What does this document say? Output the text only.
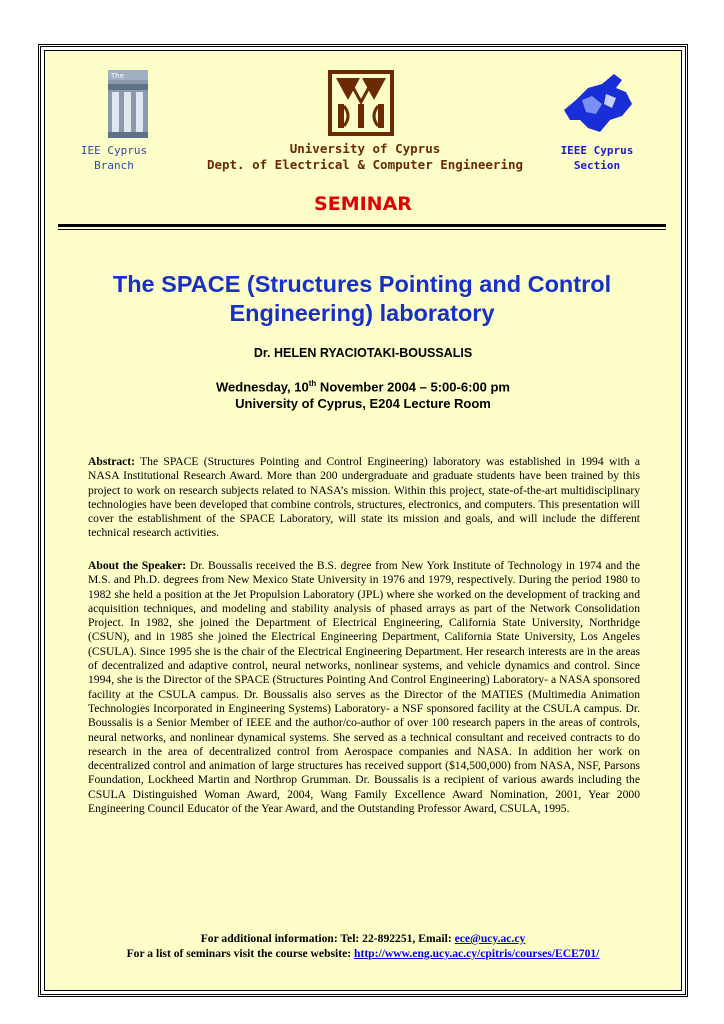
The
IEE Cyprus
Branch
University of Cyprus
Dept. of Electrical & Computer Engineering
IEEE Cyprus
Section
SEMINAR
The SPACE (Structures Pointing and Control Engineering) laboratory
Dr. HELEN RYACIOTAKI-BOUSSALIS
Wednesday, 10th November 2004 – 5:00-6:00 pm
University of Cyprus, E204 Lecture Room
Abstract: The SPACE (Structures Pointing and Control Engineering) laboratory was established in 1994 with a NASA Institutional Research Award. More than 200 undergraduate and graduate students have been trained by this project to work on research subjects related to NASA’s mission. Within this project, state-of-the-art multidisciplinary technologies have been developed that combine controls, structures, electronics, and computers. This presentation will cover the establishment of the SPACE Laboratory, will state its mission and goals, and will include the different technical research activities.
About the Speaker: Dr. Boussalis received the B.S. degree from New York Institute of Technology in 1974 and the M.S. and Ph.D. degrees from New Mexico State University in 1976 and 1979, respectively. During the period 1980 to 1982 she held a position at the Jet Propulsion Laboratory (JPL) where she worked on the development of tracking and acquisition techniques, and modeling and stability analysis of phased arrays as part of the Network Consolidation Project. In 1982, she joined the Department of Electrical Engineering, California State University, Northridge (CSUN), and in 1985 she joined the Electrical Engineering Department, California State University, Los Angeles (CSULA). Since 1995 she is the chair of the Electrical Engineering Department. Her research interests are in the areas of decentralized and adaptive control, neural networks, nonlinear systems, and vehicle dynamics and control. Since 1994, she is the Director of the SPACE (Structures Pointing And Control Engineering) Laboratory- a NASA sponsored facility at the CSULA campus. Dr. Boussalis also serves as the Director of the MATIES (Multimedia Animation Technologies Incorporated in Engineering Systems) Laboratory- a NSF sponsored facility at the CSULA campus. Dr. Boussalis is a Senior Member of IEEE and the author/co-author of over 100 research papers in the areas of controls, neural networks, and nonlinear dynamical systems. She served as a technical consultant and received contracts to do research in the area of decentralized control from Aerospace companies and NASA. In addition her work on decentralized control and animation of large structures has received support ($14,500,000) from NASA, NSF, Parsons Foundation, Lockheed Martin and Northrop Grumman. Dr. Boussalis is a recipient of various awards including the CSULA Distinguished Woman Award, 2004, Wang Family Excellence Award Nomination, 2001, Year 2000 Engineering Council Educator of the Year Award, and the Outstanding Professor Award, CSULA, 1995.
For additional information: Tel: 22-892251, Email: ece@ucy.ac.cy
For a list of seminars visit the course website: http://www.eng.ucy.ac.cy/cpitris/courses/ECE701/
